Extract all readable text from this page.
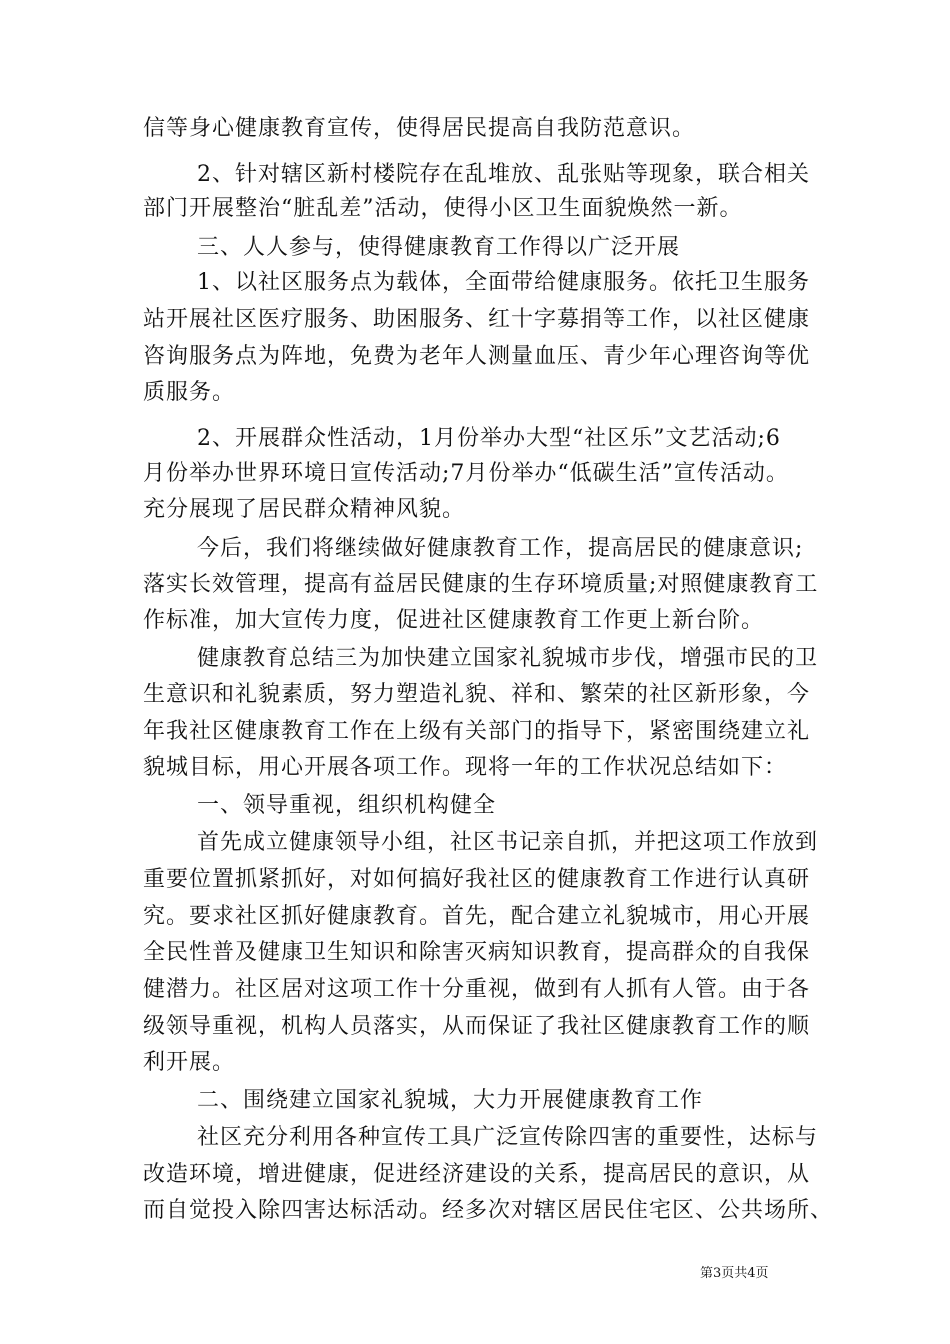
信等身心健康教育宣传，使得居民提高自我防范意识。
2、针对辖区新村楼院存在乱堆放、乱张贴等现象，联合相关
部门开展整治“脏乱差”活动，使得小区卫生面貌焕然一新。
三、人人参与，使得健康教育工作得以广泛开展
1、以社区服务点为载体，全面带给健康服务。依托卫生服务
站开展社区医疗服务、助困服务、红十字募捐等工作，以社区健康
咨询服务点为阵地，免费为老年人测量血压、青少年心理咨询等优
质服务。
2、开展群众性活动，1月份举办大型“社区乐”文艺活动;6
月份举办世界环境日宣传活动;7月份举办“低碳生活”宣传活动。
充分展现了居民群众精神风貌。
今后，我们将继续做好健康教育工作，提高居民的健康意识;
落实长效管理，提高有益居民健康的生存环境质量;对照健康教育工
作标准，加大宣传力度，促进社区健康教育工作更上新台阶。
健康教育总结三为加快建立国家礼貌城市步伐，增强市民的卫
生意识和礼貌素质，努力塑造礼貌、祥和、繁荣的社区新形象，今
年我社区健康教育工作在上级有关部门的指导下，紧密围绕建立礼
貌城目标，用心开展各项工作。现将一年的工作状况总结如下：
一、领导重视，组织机构健全
首先成立健康领导小组，社区书记亲自抓，并把这项工作放到
重要位置抓紧抓好，对如何搞好我社区的健康教育工作进行认真研
究。要求社区抓好健康教育。首先，配合建立礼貌城市，用心开展
全民性普及健康卫生知识和除害灭病知识教育，提高群众的自我保
健潜力。社区居对这项工作十分重视，做到有人抓有人管。由于各
级领导重视，机构人员落实，从而保证了我社区健康教育工作的顺
利开展。
二、围绕建立国家礼貌城，大力开展健康教育工作
社区充分利用各种宣传工具广泛宣传除四害的重要性，达标与
改造环境，增进健康，促进经济建设的关系，提高居民的意识，从
而自觉投入除四害达标活动。经多次对辖区居民住宅区、公共场所、
第3页共4页
